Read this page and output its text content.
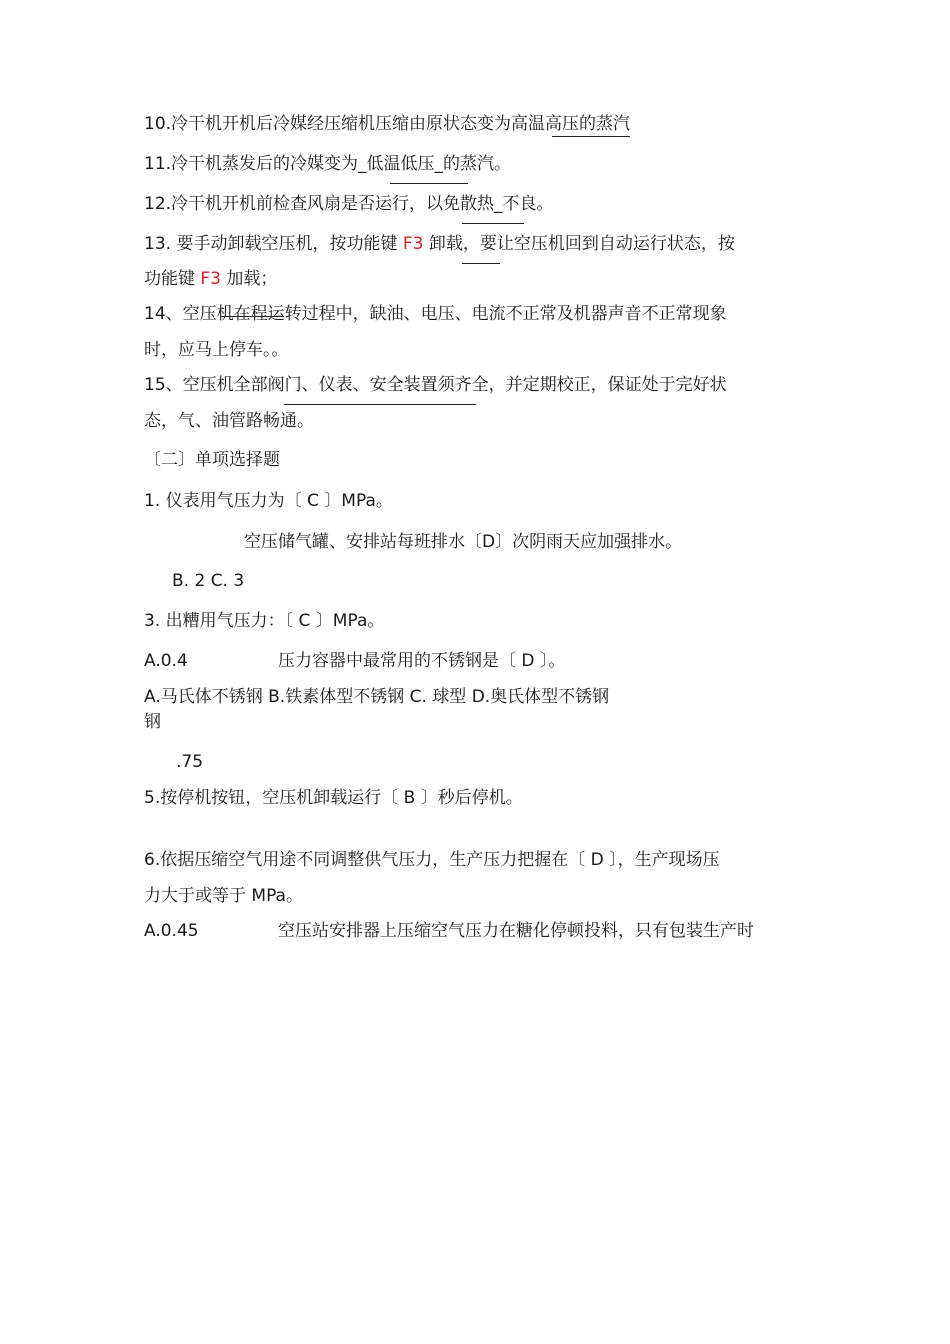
10.冷干机开机后冷媒经压缩机压缩由原状态变为高温高压的蒸汽
11.冷干机蒸发后的冷媒变为_低温低压_的蒸汽。
12.冷干机开机前检查风扇是否运行，以免散热_不良。
13. 要手动卸载空压机，按功能键 F3 卸载，要让空压机回到自动运行状态，按
功能键 F3 加载；
14、空压机在程运转过程中，缺油、电压、电流不正常及机器声音不正常现象
时，应马上停车。。
15、空压机全部阀门、仪表、安全装置须齐全，并定期校正，保证处于完好状
态，气、油管路畅通。
〔二〕单项选择题
1. 仪表用气压力为〔 C 〕MPa。
空压储气罐、安排站每班排水〔D〕次阴雨天应加强排水。
B. 2 C. 3
3. 出糟用气压力：〔 C 〕MPa。
A.0.4	压力容器中最常用的不锈钢是〔 D 〕。
A.马氏体不锈钢 B.铁素体型不锈钢 C. 球型 D.奥氏体型不锈钢
钢
.75
5.按停机按钮，空压机卸载运行〔 B 〕秒后停机。
6.依据压缩空气用途不同调整供气压力，生产压力把握在〔 D 〕，生产现场压
力大于或等于 MPa。
A.0.45	空压站安排器上压缩空气压力在糖化停顿投料，只有包装生产时
